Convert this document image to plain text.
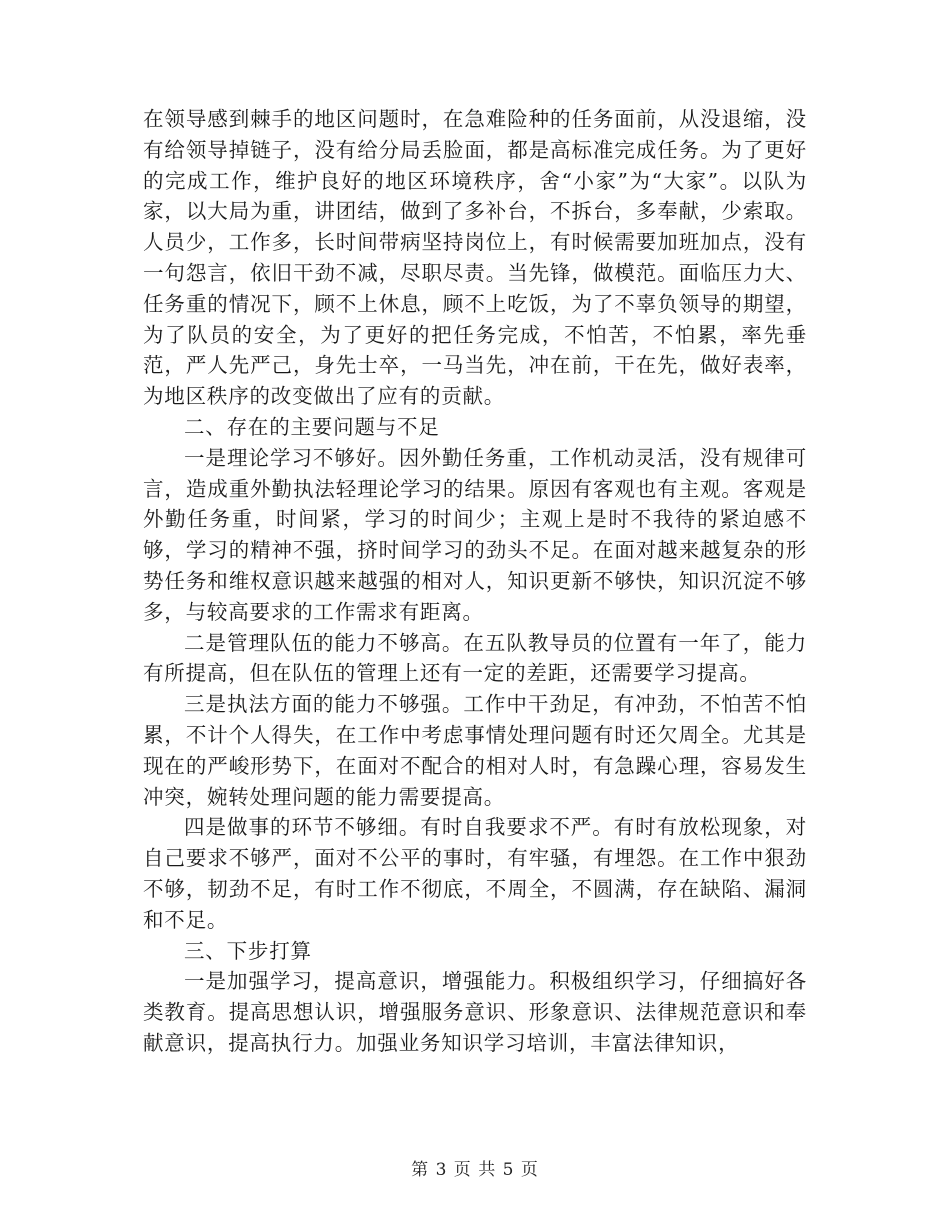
在领导感到棘手的地区问题时，在急难险种的任务面前，从没退缩，没有给领导掉链子，没有给分局丢脸面，都是高标准完成任务。为了更好的完成工作，维护良好的地区环境秩序，舍“小家”为“大家”。以队为家，以大局为重，讲团结，做到了多补台，不拆台，多奉献，少索取。人员少，工作多，长时间带病坚持岗位上，有时候需要加班加点，没有一句怨言，依旧干劲不减，尽职尽责。当先锋，做模范。面临压力大、任务重的情况下，顾不上休息，顾不上吃饭，为了不辜负领导的期望，为了队员的安全，为了更好的把任务完成，不怕苦，不怕累，率先垂范，严人先严己，身先士卒，一马当先，冲在前，干在先，做好表率，为地区秩序的改变做出了应有的贡献。

二、存在的主要问题与不足

一是理论学习不够好。因外勤任务重，工作机动灵活，没有规律可言，造成重外勤执法轻理论学习的结果。原因有客观也有主观。客观是外勤任务重，时间紧，学习的时间少；主观上是时不我待的紧迫感不够，学习的精神不强，挤时间学习的劲头不足。在面对越来越复杂的形势任务和维权意识越来越强的相对人，知识更新不够快，知识沉淀不够多，与较高要求的工作需求有距离。

二是管理队伍的能力不够高。在五队教导员的位置有一年了，能力有所提高，但在队伍的管理上还有一定的差距，还需要学习提高。

三是执法方面的能力不够强。工作中干劲足，有冲劲，不怕苦不怕累，不计个人得失，在工作中考虑事情处理问题有时还欠周全。尤其是现在的严峻形势下，在面对不配合的相对人时，有急躁心理，容易发生冲突，婉转处理问题的能力需要提高。

四是做事的环节不够细。有时自我要求不严。有时有放松现象，对自己要求不够严，面对不公平的事时，有牢骚，有埋怨。在工作中狠劲不够，韧劲不足，有时工作不彻底，不周全，不圆满，存在缺陷、漏洞和不足。

三、下步打算

一是加强学习，提高意识，增强能力。积极组织学习，仔细搞好各类教育。提高思想认识，增强服务意识、形象意识、法律规范意识和奉献意识，提高执行力。加强业务知识学习培训，丰富法律知识，

第 3 页 共 5 页
